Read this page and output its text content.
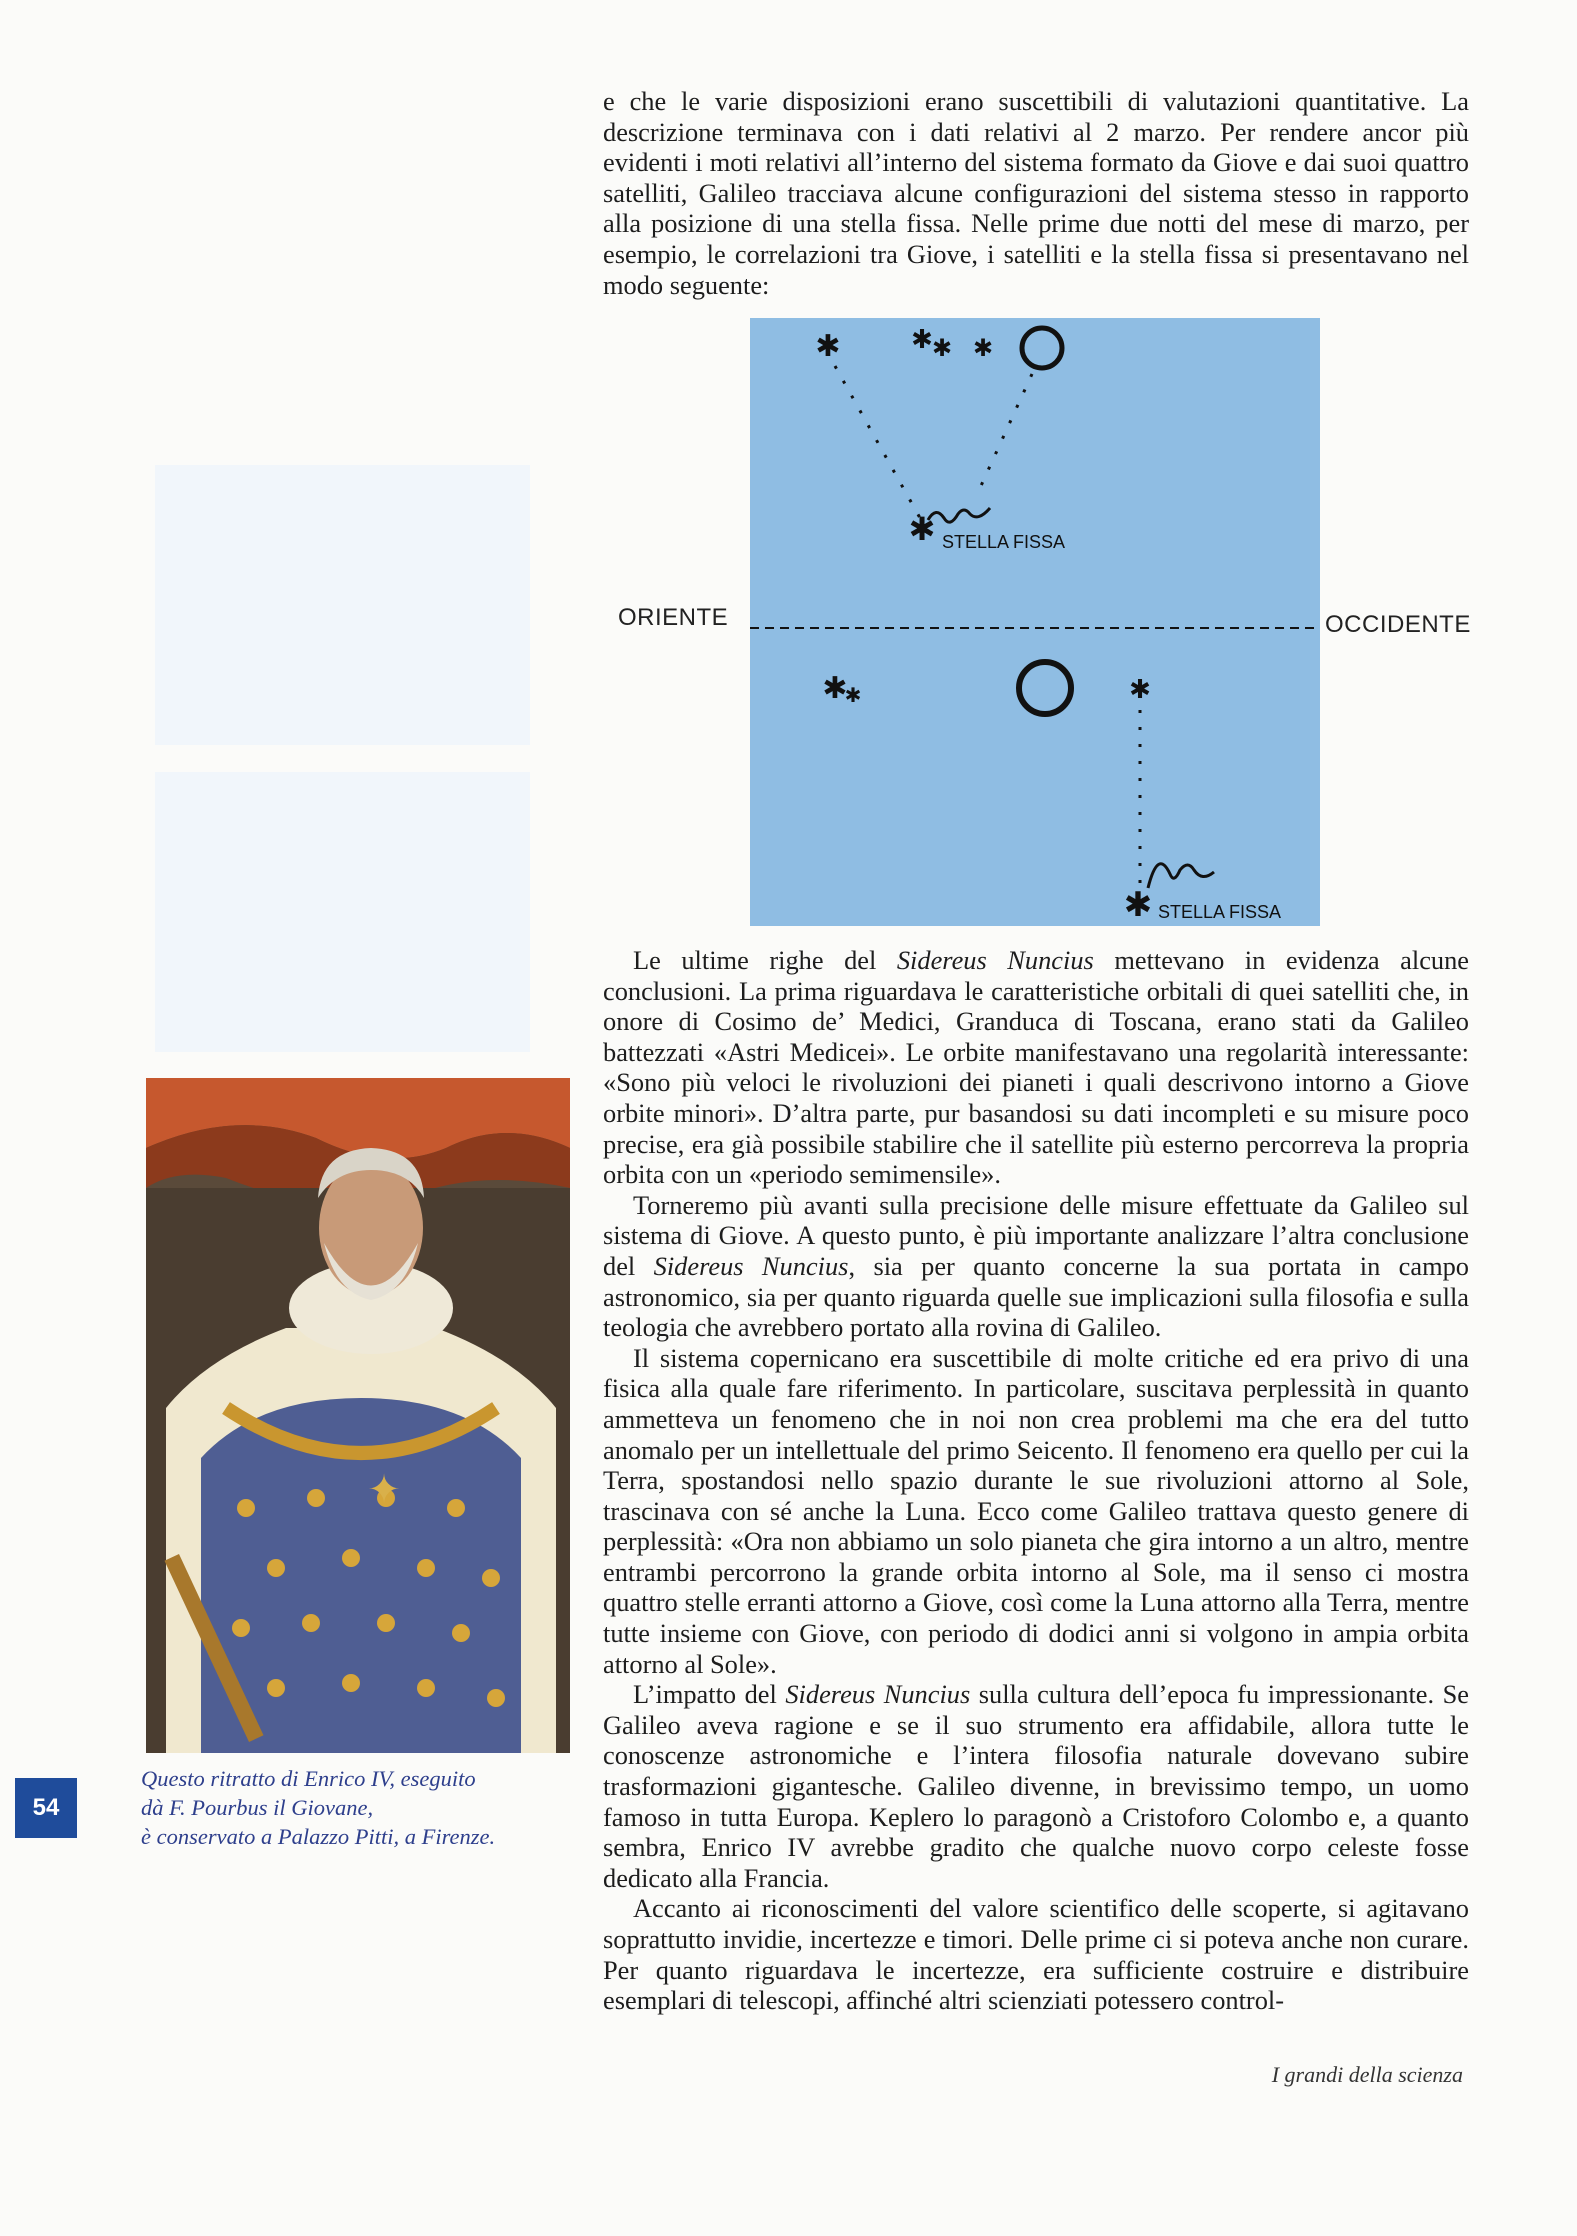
e che le varie disposizioni erano suscettibili di valutazioni quantitative. La descrizione terminava con i dati relativi al 2 marzo. Per rendere ancor più evidenti i moti relativi all’interno del sistema formato da Giove e dai suoi quattro satelliti, Galileo tracciava alcune configurazioni del sistema stesso in rapporto alla posizione di una stella fissa. Nelle prime due notti del mese di marzo, per esempio, le correlazioni tra Giove, i satelliti e la stella fissa si presentavano nel modo seguente:

✱	✱ ✱ ✱
✱ STELLA FISSA
✱
✱	✱
✱ STELLA FISSA
ORIENTE	OCCIDENTE

Le ultime righe del Sidereus Nuncius mettevano in evidenza alcune conclusioni. La prima riguardava le caratteristiche orbitali di quei satelliti che, in onore di Cosimo de’ Medici, Granduca di Toscana, erano stati da Galileo battezzati «Astri Medicei». Le orbite manifestavano una regolarità interessante: «Sono più veloci le rivoluzioni dei pianeti i quali descrivono intorno a Giove orbite minori». D’altra parte, pur basandosi su dati incompleti e su misure poco precise, era già possibile stabilire che il satellite più esterno percorreva la propria orbita con un «periodo semimensile».

Torneremo più avanti sulla precisione delle misure effettuate da Galileo sul sistema di Giove. A questo punto, è più importante analizzare l’altra conclusione del Sidereus Nuncius, sia per quanto concerne la sua portata in campo astronomico, sia per quanto riguarda quelle sue implicazioni sulla filosofia e sulla teologia che avrebbero portato alla rovina di Galileo.

Il sistema copernicano era suscettibile di molte critiche ed era privo di una fisica alla quale fare riferimento. In particolare, suscitava perplessità in quanto ammetteva un fenomeno che in noi non crea problemi ma che era del tutto anomalo per un intellettuale del primo Seicento. Il fenomeno era quello per cui la Terra, spostandosi nello spazio durante le sue rivoluzioni attorno al Sole, trascinava con sé anche la Luna. Ecco come Galileo trattava questo genere di perplessità: «Ora non abbiamo un solo pianeta che gira intorno a un altro, mentre entrambi percorrono la grande orbita intorno al Sole, ma il senso ci mostra quattro stelle erranti attorno a Giove, così come la Luna attorno alla Terra, mentre tutte insieme con Giove, con periodo di dodici anni si volgono in ampia orbita attorno al Sole».

L’impatto del Sidereus Nuncius sulla cultura dell’epoca fu impressionante. Se Galileo aveva ragione e se il suo strumento era affidabile, allora tutte le conoscenze astronomiche e l’intera filosofia naturale dovevano subire trasformazioni gigantesche. Galileo divenne, in brevissimo tempo, un uomo famoso in tutta Europa. Keplero lo paragonò a Cristoforo Colombo e, a quanto sembra, Enrico IV avrebbe gradito che qualche nuovo corpo celeste fosse dedicato alla Francia.

Accanto ai riconoscimenti del valore scientifico delle scoperte, si agitavano soprattutto invidie, incertezze e timori. Delle prime ci si poteva anche non curare. Per quanto riguardava le incertezze, era sufficiente costruire e distribuire esemplari di telescopi, affinché altri scienziati potessero control-

✦
Questo ritratto di Enrico IV, eseguito
dà F. Pourbus il Giovane,
è conservato a Palazzo Pitti, a Firenze.
54
I grandi della scienza
